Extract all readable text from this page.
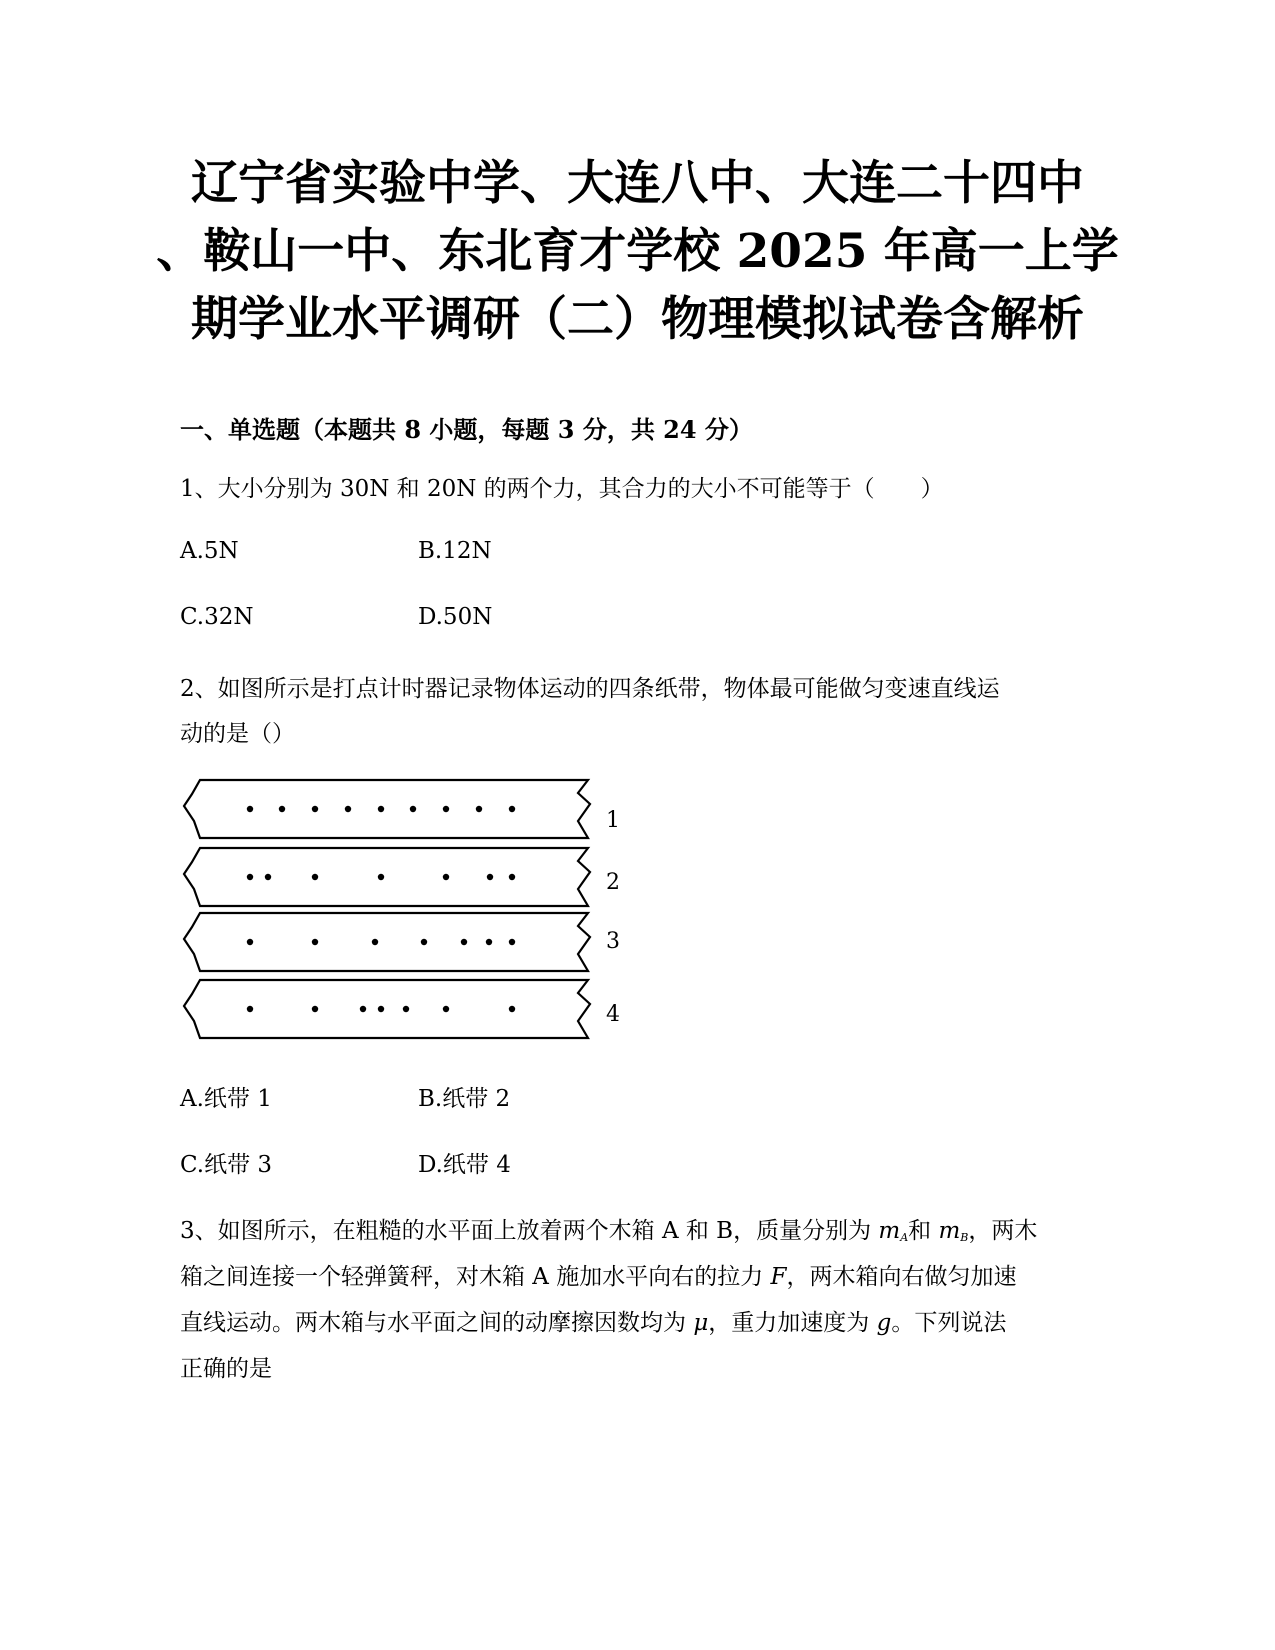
辽宁省实验中学、大连八中、大连二十四中
、鞍山一中、东北育才学校 2025 年高一上学
期学业水平调研（二）物理模拟试卷含解析
一、单选题（本题共 8 小题，每题 3 分，共 24 分）
1、大小分别为 30N 和 20N 的两个力，其合力的大小不可能等于（　　）
A.5N	B.12N
C.32N	D.50N
2、如图所示是打点计时器记录物体运动的四条纸带，物体最可能做匀变速直线运
动的是（）
1
2
3
4
A.纸带 1	B.纸带 2
C.纸带 3	D.纸带 4
3、如图所示，在粗糙的水平面上放着两个木箱 A 和 B，质量分别为 $m_A$和 $m_B$，两木
箱之间连接一个轻弹簧秤，对木箱 A 施加水平向右的拉力 F，两木箱向右做匀加速
直线运动。两木箱与水平面之间的动摩擦因数均为 μ，重力加速度为 g。下列说法
正确的是
